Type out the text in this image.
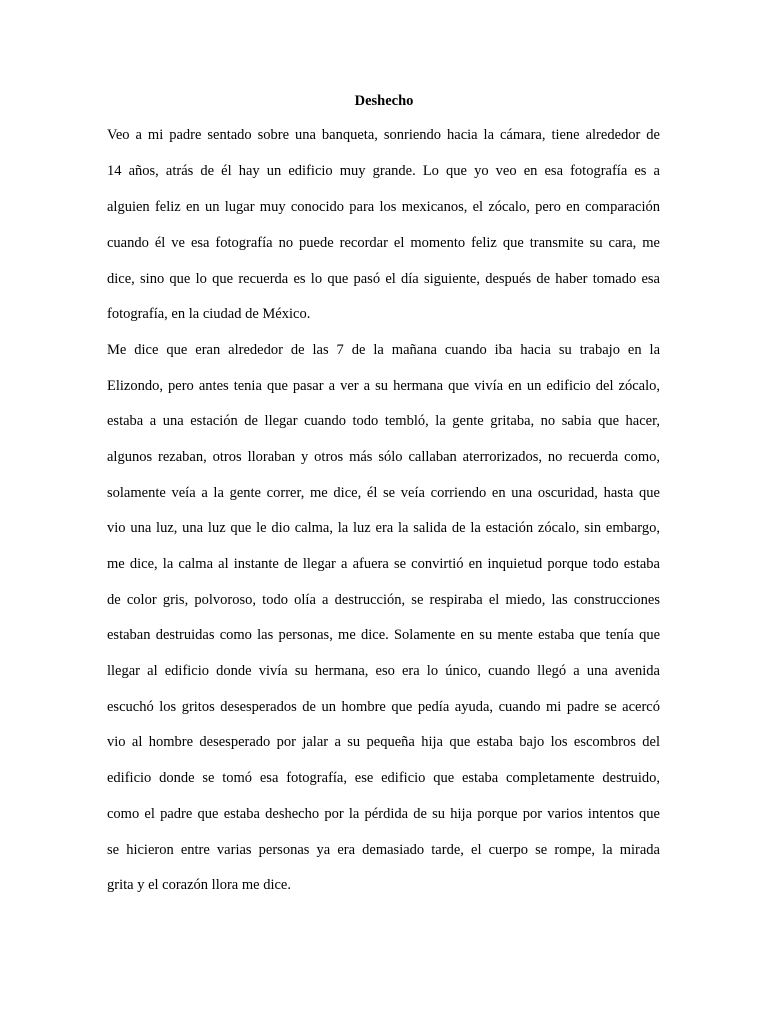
Deshecho

Veo a mi padre sentado sobre una banqueta, sonriendo hacia la cámara, tiene alrededor de

14 años, atrás de él hay un edificio muy grande. Lo que yo veo en esa fotografía es a

alguien feliz en un lugar muy conocido para los mexicanos, el zócalo, pero en comparación

cuando él ve esa fotografía no puede recordar el momento feliz que transmite su cara, me

dice, sino que lo que recuerda es lo que pasó el día siguiente, después de haber tomado esa

fotografía, en la ciudad de México.

Me dice que eran alrededor de las 7 de la mañana cuando iba hacia su trabajo en la

Elizondo, pero antes tenia que pasar a ver a su hermana que vivía en un edificio del zócalo,

estaba a una estación de llegar cuando todo tembló, la gente gritaba, no sabia que hacer,

algunos rezaban, otros lloraban y otros más sólo callaban aterrorizados, no recuerda como,

solamente veía a la gente correr, me dice, él se veía corriendo en una oscuridad, hasta que

vio una luz, una luz que le dio calma, la luz era la salida de la estación zócalo, sin embargo,

me dice, la calma al instante de llegar a afuera se convirtió en inquietud porque todo estaba

de color gris, polvoroso, todo olía a destrucción, se respiraba el miedo, las construcciones

estaban destruidas como las personas, me dice. Solamente en su mente estaba que tenía que

llegar al edificio donde vivía su hermana, eso era lo único, cuando llegó a una avenida

escuchó los gritos desesperados de un hombre que pedía ayuda, cuando mi padre se acercó

vio al hombre desesperado por jalar a su pequeña hija que estaba bajo los escombros del

edificio donde se tomó esa fotografía, ese edificio que estaba completamente destruido,

como el padre que estaba deshecho por la pérdida de su hija porque por varios intentos que

se hicieron entre varias personas ya era demasiado tarde, el cuerpo se rompe, la mirada

grita y el corazón llora me dice.
